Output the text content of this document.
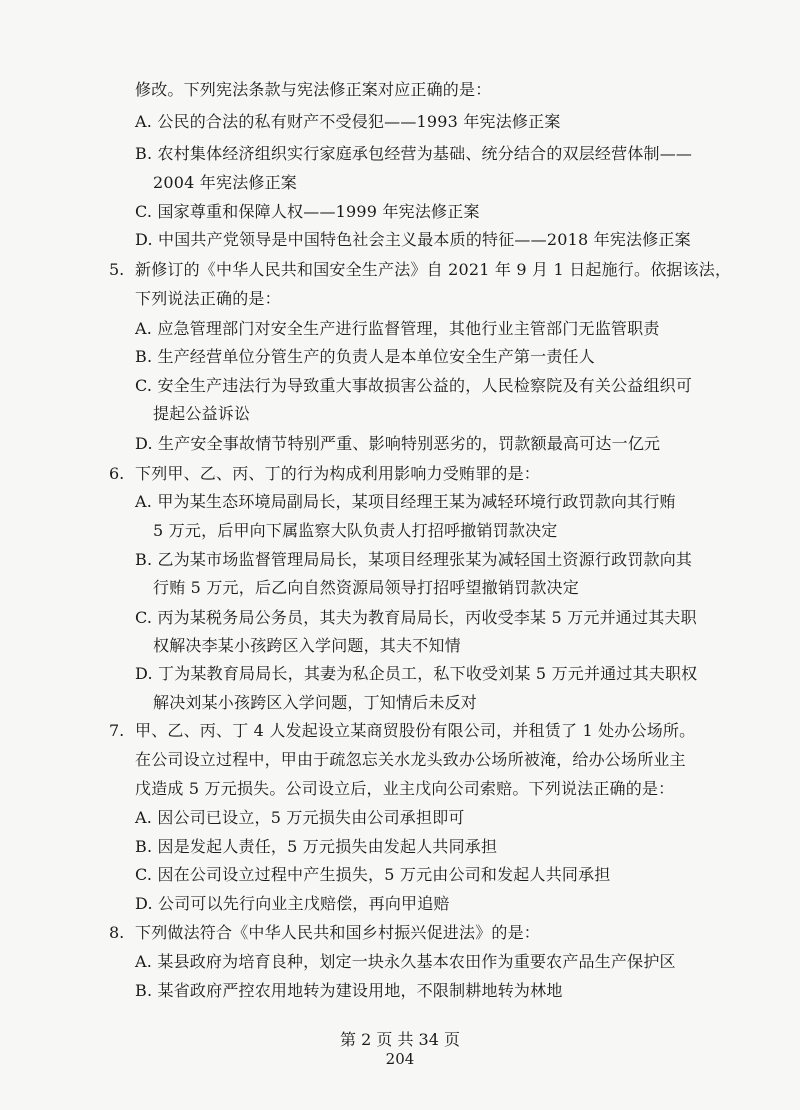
修改。下列宪法条款与宪法修正案对应正确的是：
A. 公民的合法的私有财产不受侵犯——1993 年宪法修正案
B. 农村集体经济组织实行家庭承包经营为基础、统分结合的双层经营体制——
2004 年宪法修正案
C. 国家尊重和保障人权——1999 年宪法修正案
D. 中国共产党领导是中国特色社会主义最本质的特征——2018 年宪法修正案
5. 新修订的《中华人民共和国安全生产法》自 2021 年 9 月 1 日起施行。依据该法，
下列说法正确的是：
A. 应急管理部门对安全生产进行监督管理，其他行业主管部门无监管职责
B. 生产经营单位分管生产的负责人是本单位安全生产第一责任人
C. 安全生产违法行为导致重大事故损害公益的，人民检察院及有关公益组织可
提起公益诉讼
D. 生产安全事故情节特别严重、影响特别恶劣的，罚款额最高可达一亿元
6. 下列甲、乙、丙、丁的行为构成利用影响力受贿罪的是：
A. 甲为某生态环境局副局长，某项目经理王某为减轻环境行政罚款向其行贿
5 万元，后甲向下属监察大队负责人打招呼撤销罚款决定
B. 乙为某市场监督管理局局长，某项目经理张某为减轻国土资源行政罚款向其
行贿 5 万元，后乙向自然资源局领导打招呼望撤销罚款决定
C. 丙为某税务局公务员，其夫为教育局局长，丙收受李某 5 万元并通过其夫职
权解决李某小孩跨区入学问题，其夫不知情
D. 丁为某教育局局长，其妻为私企员工，私下收受刘某 5 万元并通过其夫职权
解决刘某小孩跨区入学问题，丁知情后未反对
7. 甲、乙、丙、丁 4 人发起设立某商贸股份有限公司，并租赁了 1 处办公场所。
在公司设立过程中，甲由于疏忽忘关水龙头致办公场所被淹，给办公场所业主
戊造成 5 万元损失。公司设立后，业主戊向公司索赔。下列说法正确的是：
A. 因公司已设立，5 万元损失由公司承担即可
B. 因是发起人责任，5 万元损失由发起人共同承担
C. 因在公司设立过程中产生损失，5 万元由公司和发起人共同承担
D. 公司可以先行向业主戊赔偿，再向甲追赔
8. 下列做法符合《中华人民共和国乡村振兴促进法》的是：
A. 某县政府为培育良种，划定一块永久基本农田作为重要农产品生产保护区
B. 某省政府严控农用地转为建设用地，不限制耕地转为林地
第 2 页 共 34 页
204
